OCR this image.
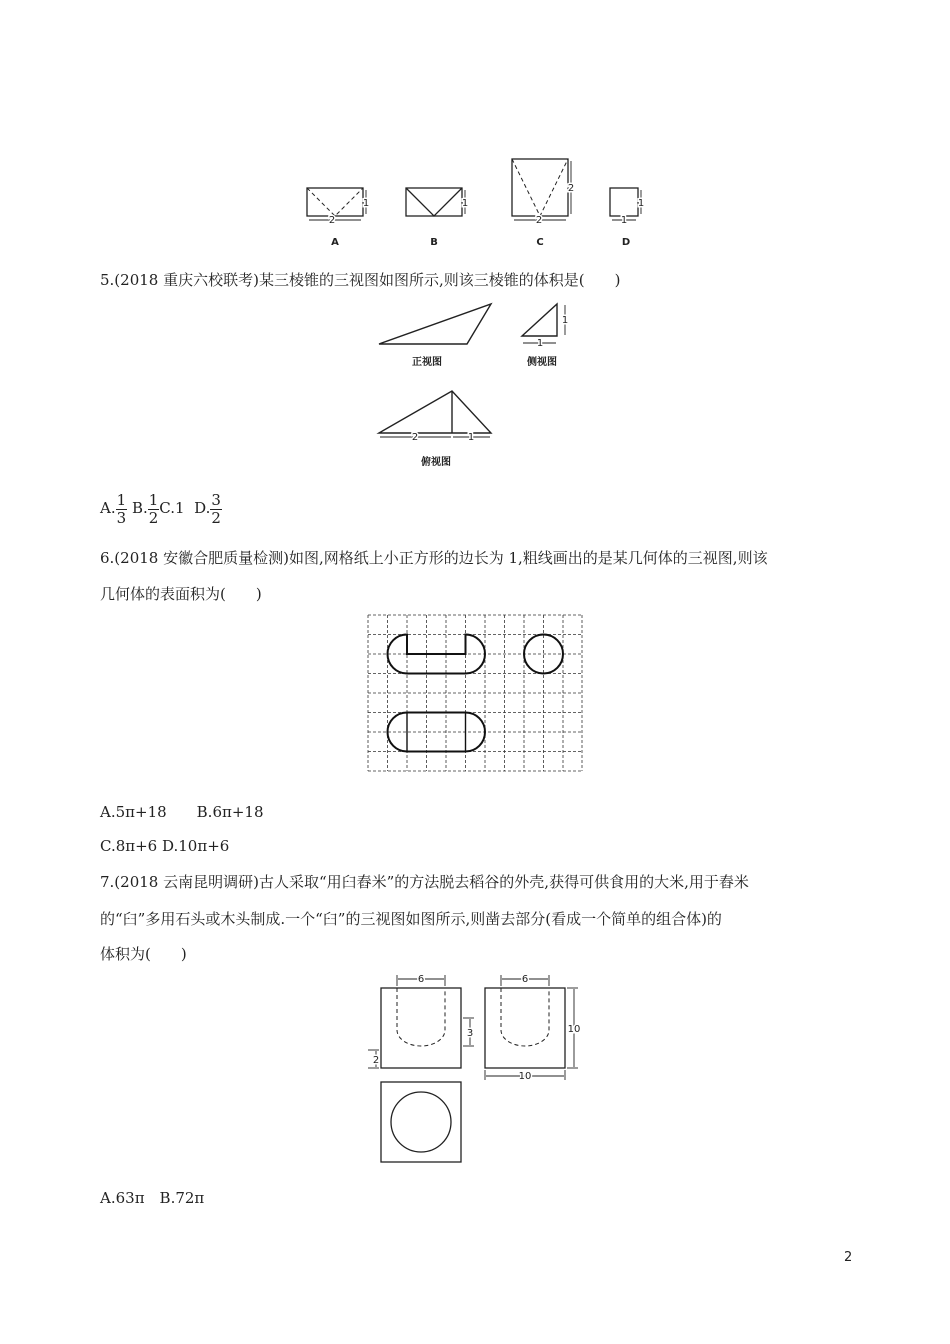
2
1	1
2
2
1
1
A	B	C	D
5.(2018 重庆六校联考)某三棱锥的三视图如图所示,则该三棱锥的体积是(　　)
1
1
2	1
正视图	侧视图
俯视图
A. $\frac{1}{3} B$. $\frac{1}{2} C.1$ D. $\frac{3}{2}$
6.(2018 安徽合肥质量检测)如图,网格纸上小正方形的边长为 1,粗线画出的是某几何体的三视图,则该
几何体的表面积为(　　)
A.5π+18　　B.6π+18
C.8π+6 D.10π+6
7.(2018 云南昆明调研)古人采取“用臼舂米”的方法脱去稻谷的外壳,获得可供食用的大米,用于舂米
的“臼”多用石头或木头制成.一个“臼”的三视图如图所示,则凿去部分(看成一个简单的组合体)的
体积为(　　)
6
3
2
6
10
10
A.63π　B.72π
2
